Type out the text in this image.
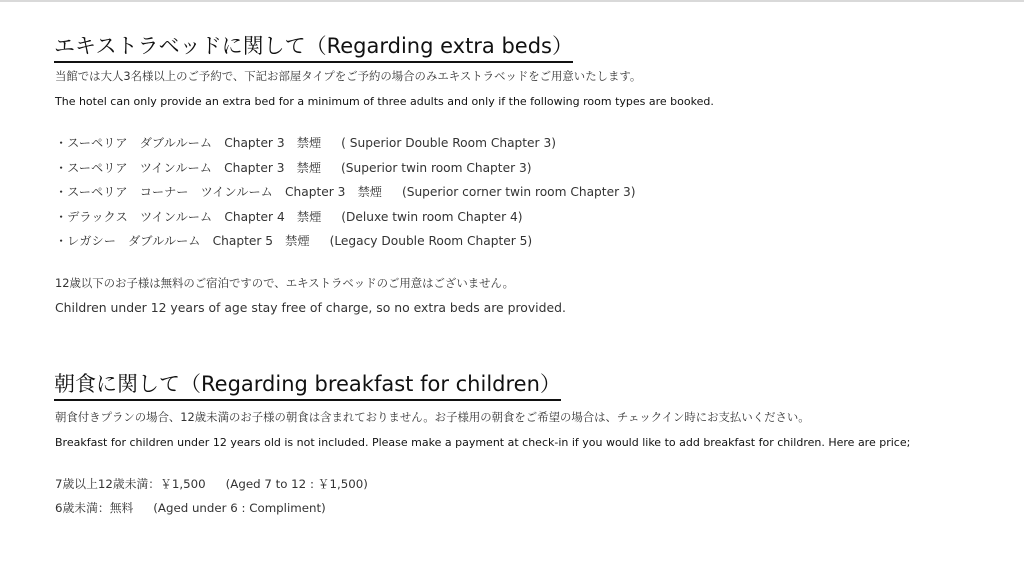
エキストラベッドに関して（Regarding extra beds）

当館では大人3名様以上のご予約で、下記お部屋タイプをご予約の場合のみエキストラベッドをご用意いたします。

The hotel can only provide an extra bed for a minimum of three adults and only if the following room types are booked.

・スーペリア　ダブルルーム　Chapter 3　禁煙 ( Superior Double Room Chapter 3)

・スーペリア　ツインルーム　Chapter 3　禁煙 (Superior twin room Chapter 3)

・スーペリア　コーナー　ツインルーム　Chapter 3　禁煙 (Superior corner twin room Chapter 3)

・デラックス　ツインルーム　Chapter 4　禁煙 (Deluxe twin room Chapter 4)

・レガシー　ダブルルーム　Chapter 5　禁煙 (Legacy Double Room Chapter 5)

12歳以下のお子様は無料のご宿泊ですので、エキストラベッドのご用意はございません。

Children under 12 years of age stay free of charge, so no extra beds are provided.

朝食に関して（Regarding breakfast for children）

朝食付きプランの場合、12歳未満のお子様の朝食は含まれておりません。お子様用の朝食をご希望の場合は、チェックイン時にお支払いください。

Breakfast for children under 12 years old is not included. Please make a payment at check-in if you would like to add breakfast for children. Here are price;

7歳以上12歳未満：￥1,500 (Aged 7 to 12 : ￥1,500)

6歳未満：無料 (Aged under 6 : Compliment)
